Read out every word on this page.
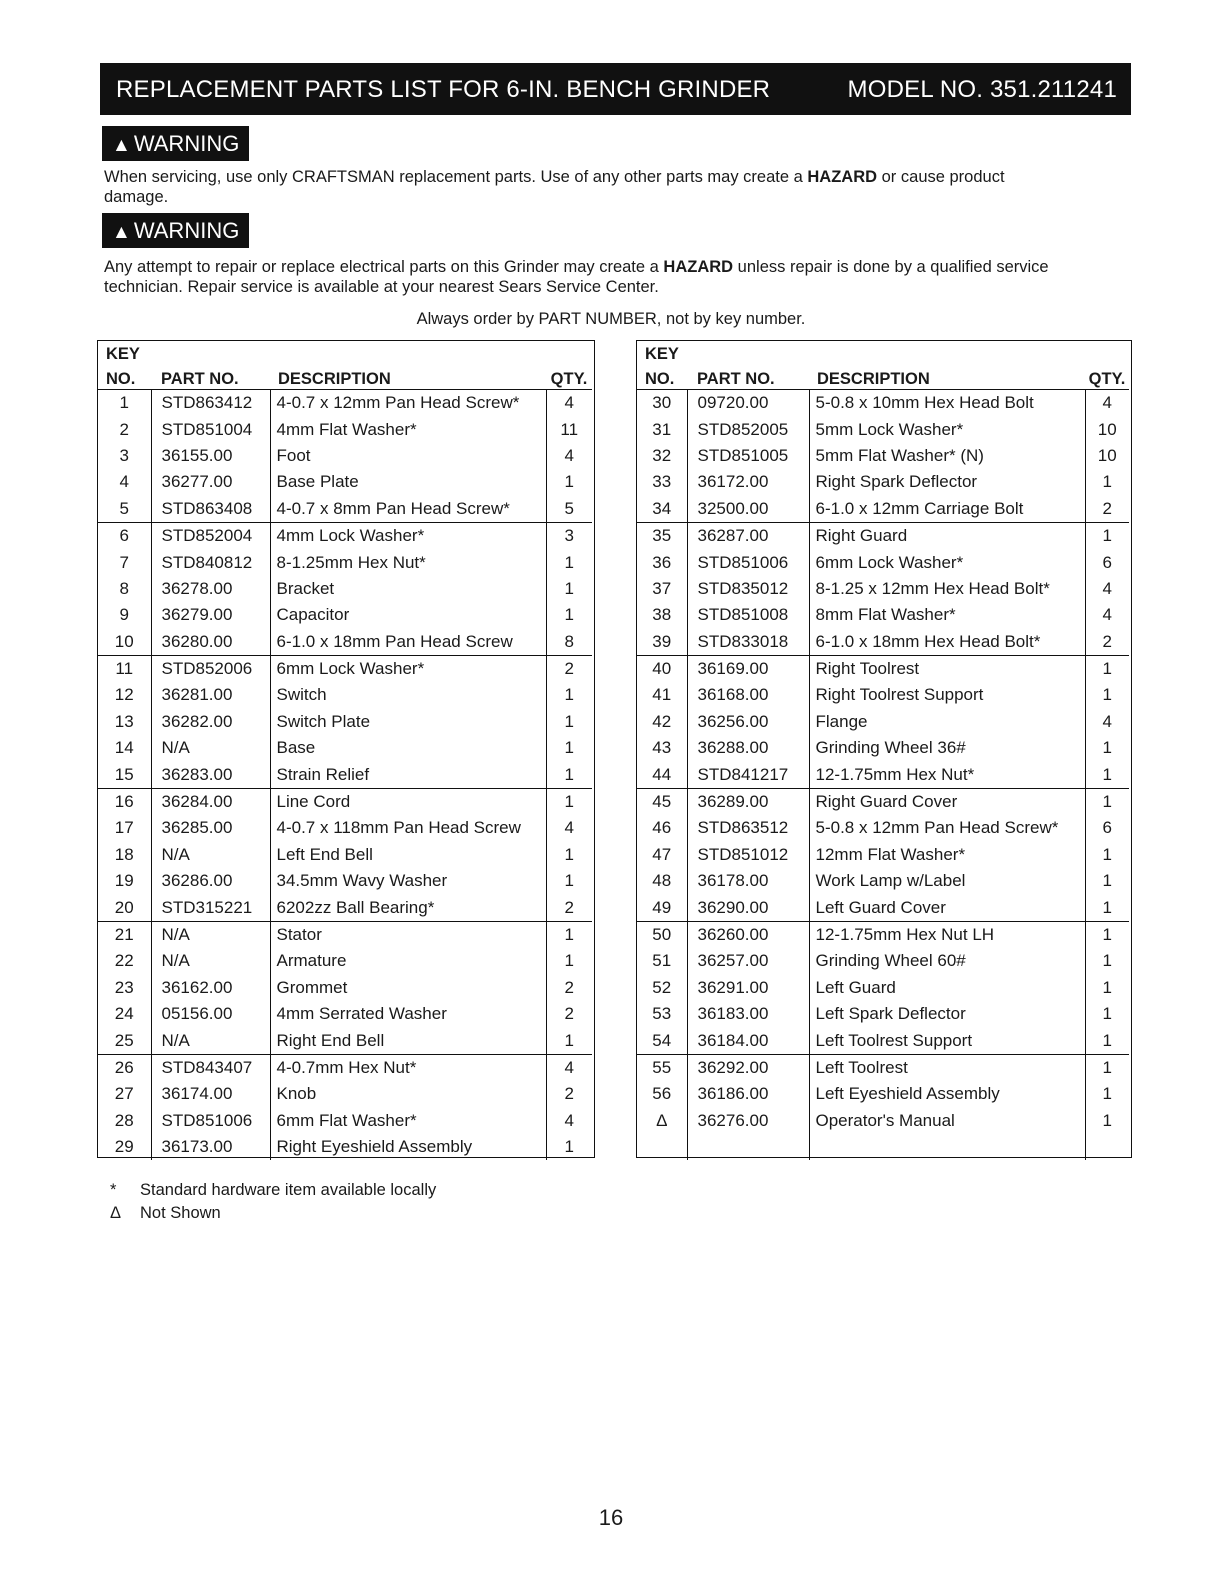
REPLACEMENT PARTS LIST FOR 6-IN. BENCH GRINDER	MODEL NO. 351.211241
▲ WARNING
When servicing, use only CRAFTSMAN replacement parts. Use of any other parts may create a HAZARD or cause product damage.
▲ WARNING
Any attempt to repair or replace electrical parts on this Grinder may create a HAZARD unless repair is done by a qualified service technician. Repair service is available at your nearest Sears Service Center.
Always order by PART NUMBER, not by key number.
KEY			
NO.	PART NO.	DESCRIPTION	QTY.
1	STD863412	4-0.7 x 12mm Pan Head Screw*	4
2	STD851004	4mm Flat Washer*	11
3	36155.00	Foot	4
4	36277.00	Base Plate	1
5	STD863408	4-0.7 x 8mm Pan Head Screw*	5
6	STD852004	4mm Lock Washer*	3
7	STD840812	8-1.25mm Hex Nut*	1
8	36278.00	Bracket	1
9	36279.00	Capacitor	1
10	36280.00	6-1.0 x 18mm Pan Head Screw	8
11	STD852006	6mm Lock Washer*	2
12	36281.00	Switch	1
13	36282.00	Switch Plate	1
14	N/A	Base	1
15	36283.00	Strain Relief	1
16	36284.00	Line Cord	1
17	36285.00	4-0.7 x 118mm Pan Head Screw	4
18	N/A	Left End Bell	1
19	36286.00	34.5mm Wavy Washer	1
20	STD315221	6202zz Ball Bearing*	2
21	N/A	Stator	1
22	N/A	Armature	1
23	36162.00	Grommet	2
24	05156.00	4mm Serrated Washer	2
25	N/A	Right End Bell	1
26	STD843407	4-0.7mm Hex Nut*	4
27	36174.00	Knob	2
28	STD851006	6mm Flat Washer*	4
29	36173.00	Right Eyeshield Assembly	1
KEY			
NO.	PART NO.	DESCRIPTION	QTY.
30	09720.00	5-0.8 x 10mm Hex Head Bolt	4
31	STD852005	5mm Lock Washer*	10
32	STD851005	5mm Flat Washer* (N)	10
33	36172.00	Right Spark Deflector	1
34	32500.00	6-1.0 x 12mm Carriage Bolt	2
35	36287.00	Right Guard	1
36	STD851006	6mm Lock Washer*	6
37	STD835012	8-1.25 x 12mm Hex Head Bolt*	4
38	STD851008	8mm Flat Washer*	4
39	STD833018	6-1.0 x 18mm Hex Head Bolt*	2
40	36169.00	Right Toolrest	1
41	36168.00	Right Toolrest Support	1
42	36256.00	Flange	4
43	36288.00	Grinding Wheel 36#	1
44	STD841217	12-1.75mm Hex Nut*	1
45	36289.00	Right Guard Cover	1
46	STD863512	5-0.8 x 12mm Pan Head Screw*	6
47	STD851012	12mm Flat Washer*	1
48	36178.00	Work Lamp w/Label	1
49	36290.00	Left Guard Cover	1
50	36260.00	12-1.75mm Hex Nut LH	1
51	36257.00	Grinding Wheel 60#	1
52	36291.00	Left Guard	1
53	36183.00	Left Spark Deflector	1
54	36184.00	Left Toolrest Support	1
55	36292.00	Left Toolrest	1
56	36186.00	Left Eyeshield Assembly	1
Δ	36276.00	Operator's Manual	1

* Standard hardware item available locally
Δ Not Shown
16
